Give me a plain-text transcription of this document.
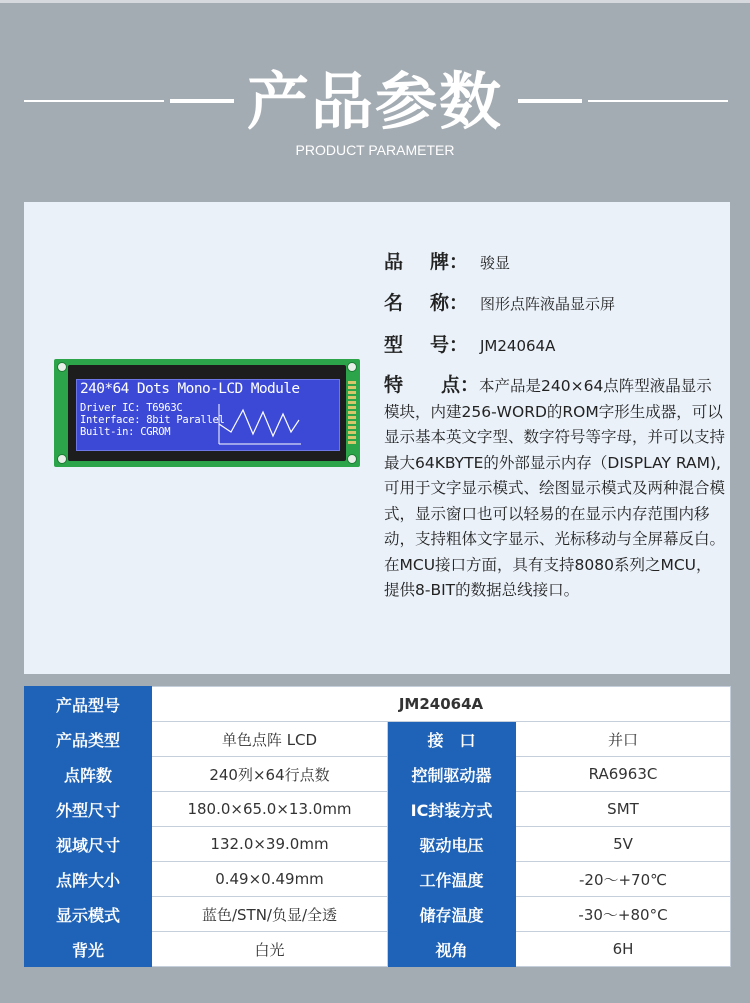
产品参数
PRODUCT PARAMETER
240*64 Dots Mono-LCD Module
Driver IC: T6963C
Interface: 8bit Parallel
Built-in: CGROM
品 牌： 骏显
名 称： 图形点阵液晶显示屏
型 号： JM24064A
特　　点：本产品是240×64点阵型液晶显示模块，内建256-WORD的ROM字形生成器，可以显示基本英文字型、数字符号等字母，并可以支持最大64KBYTE的外部显示内存（DISPLAY RAM),可用于文字显示模式、绘图显示模式及两种混合模式，显示窗口也可以轻易的在显示内存范围内移动，支持粗体文字显示、光标移动与全屏幕反白。在MCU接口方面，具有支持8080系列之MCU，提供8-BIT的数据总线接口。
产品型号	JM24064A		
产品类型	单色点阵 LCD	接　口	并口
点阵数	240列×64行点数	控制驱动器	RA6963C
外型尺寸	180.0×65.0×13.0mm	IC封装方式	SMT
视域尺寸	132.0×39.0mm	驱动电压	5V
点阵大小	0.49×0.49mm	工作温度	-20〜+70℃
显示模式	蓝色/STN/负显/全透	储存温度	-30〜+80°C
背光	白光	视角	6H
